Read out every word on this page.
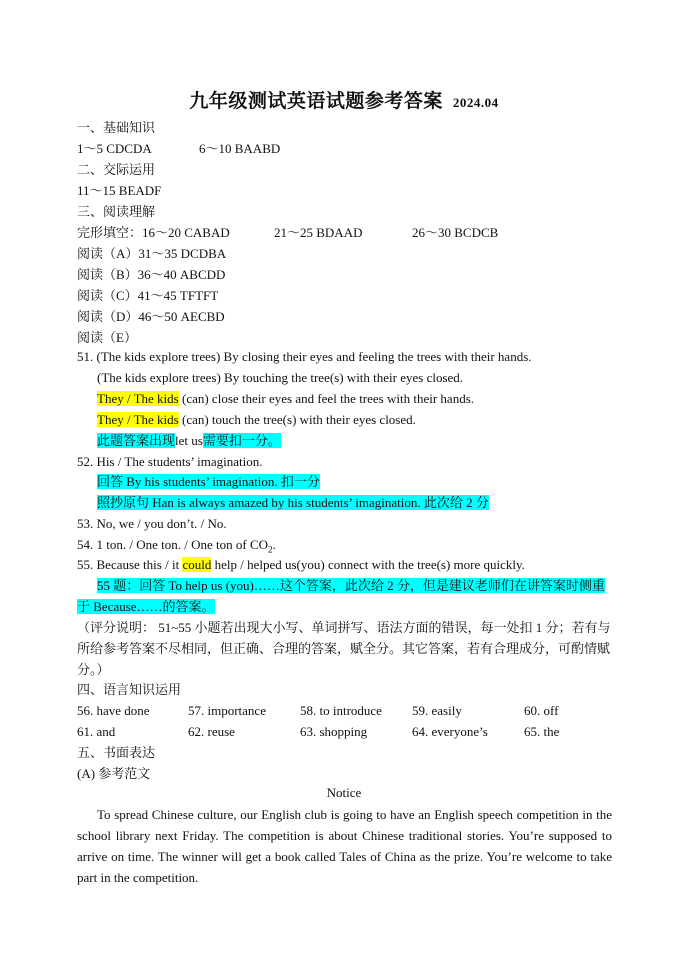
九年级测试英语试题参考答案 2024.04
一、基础知识
1～5 CDCDA	6～10 BAABD
二、交际运用
11～15 BEADF
三、阅读理解
完形填空：16～20 CABAD	21～25 BDAAD	26～30 BCDCB
阅读（A）31～35 DCDBA
阅读（B）36～40 ABCDD
阅读（C）41～45 TFTFT
阅读（D）46～50 AECBD
阅读（E）
51. (The kids explore trees) By closing their eyes and feeling the trees with their hands.
(The kids explore trees) By touching the tree(s) with their eyes closed.
They / The kids (can) close their eyes and feel the trees with their hands.
They / The kids (can) touch the tree(s) with their eyes closed.
此题答案出现let us需要扣一分。
52. His / The students’ imagination.
回答 By his students’ imagination. 扣一分
照抄原句 Han is always amazed by his students’ imagination. 此次给 2 分
53. No, we / you don’t. / No.
54. 1 ton. / One ton. / One ton of $CO_2$.
55. Because this / it could help / helped us(you) connect with the tree(s) more quickly.
55 题：回答 To help us (you)……这个答案，此次给 2 分，但是建议老师们在讲答案时侧重于 Because……的答案。
（评分说明： 51~55 小题若出现大小写、单词拼写、语法方面的错误，每一处扣 1 分；若有与所给参考答案不尽相同，但正确、合理的答案，赋全分。其它答案，若有合理成分，可酌情赋分。）
四、语言知识运用
56. have done	57. importance	58. to introduce 59. easily	60. off
61. and	62. reuse	63. shopping	64. everyone’s	65. the
五、书面表达
(A) 参考范文
Notice
To spread Chinese culture, our English club is going to have an English speech competition in the school library next Friday. The competition is about Chinese traditional stories. You’re supposed to arrive on time. The winner will get a book called Tales of China as the prize. You’re welcome to take part in the competition.
